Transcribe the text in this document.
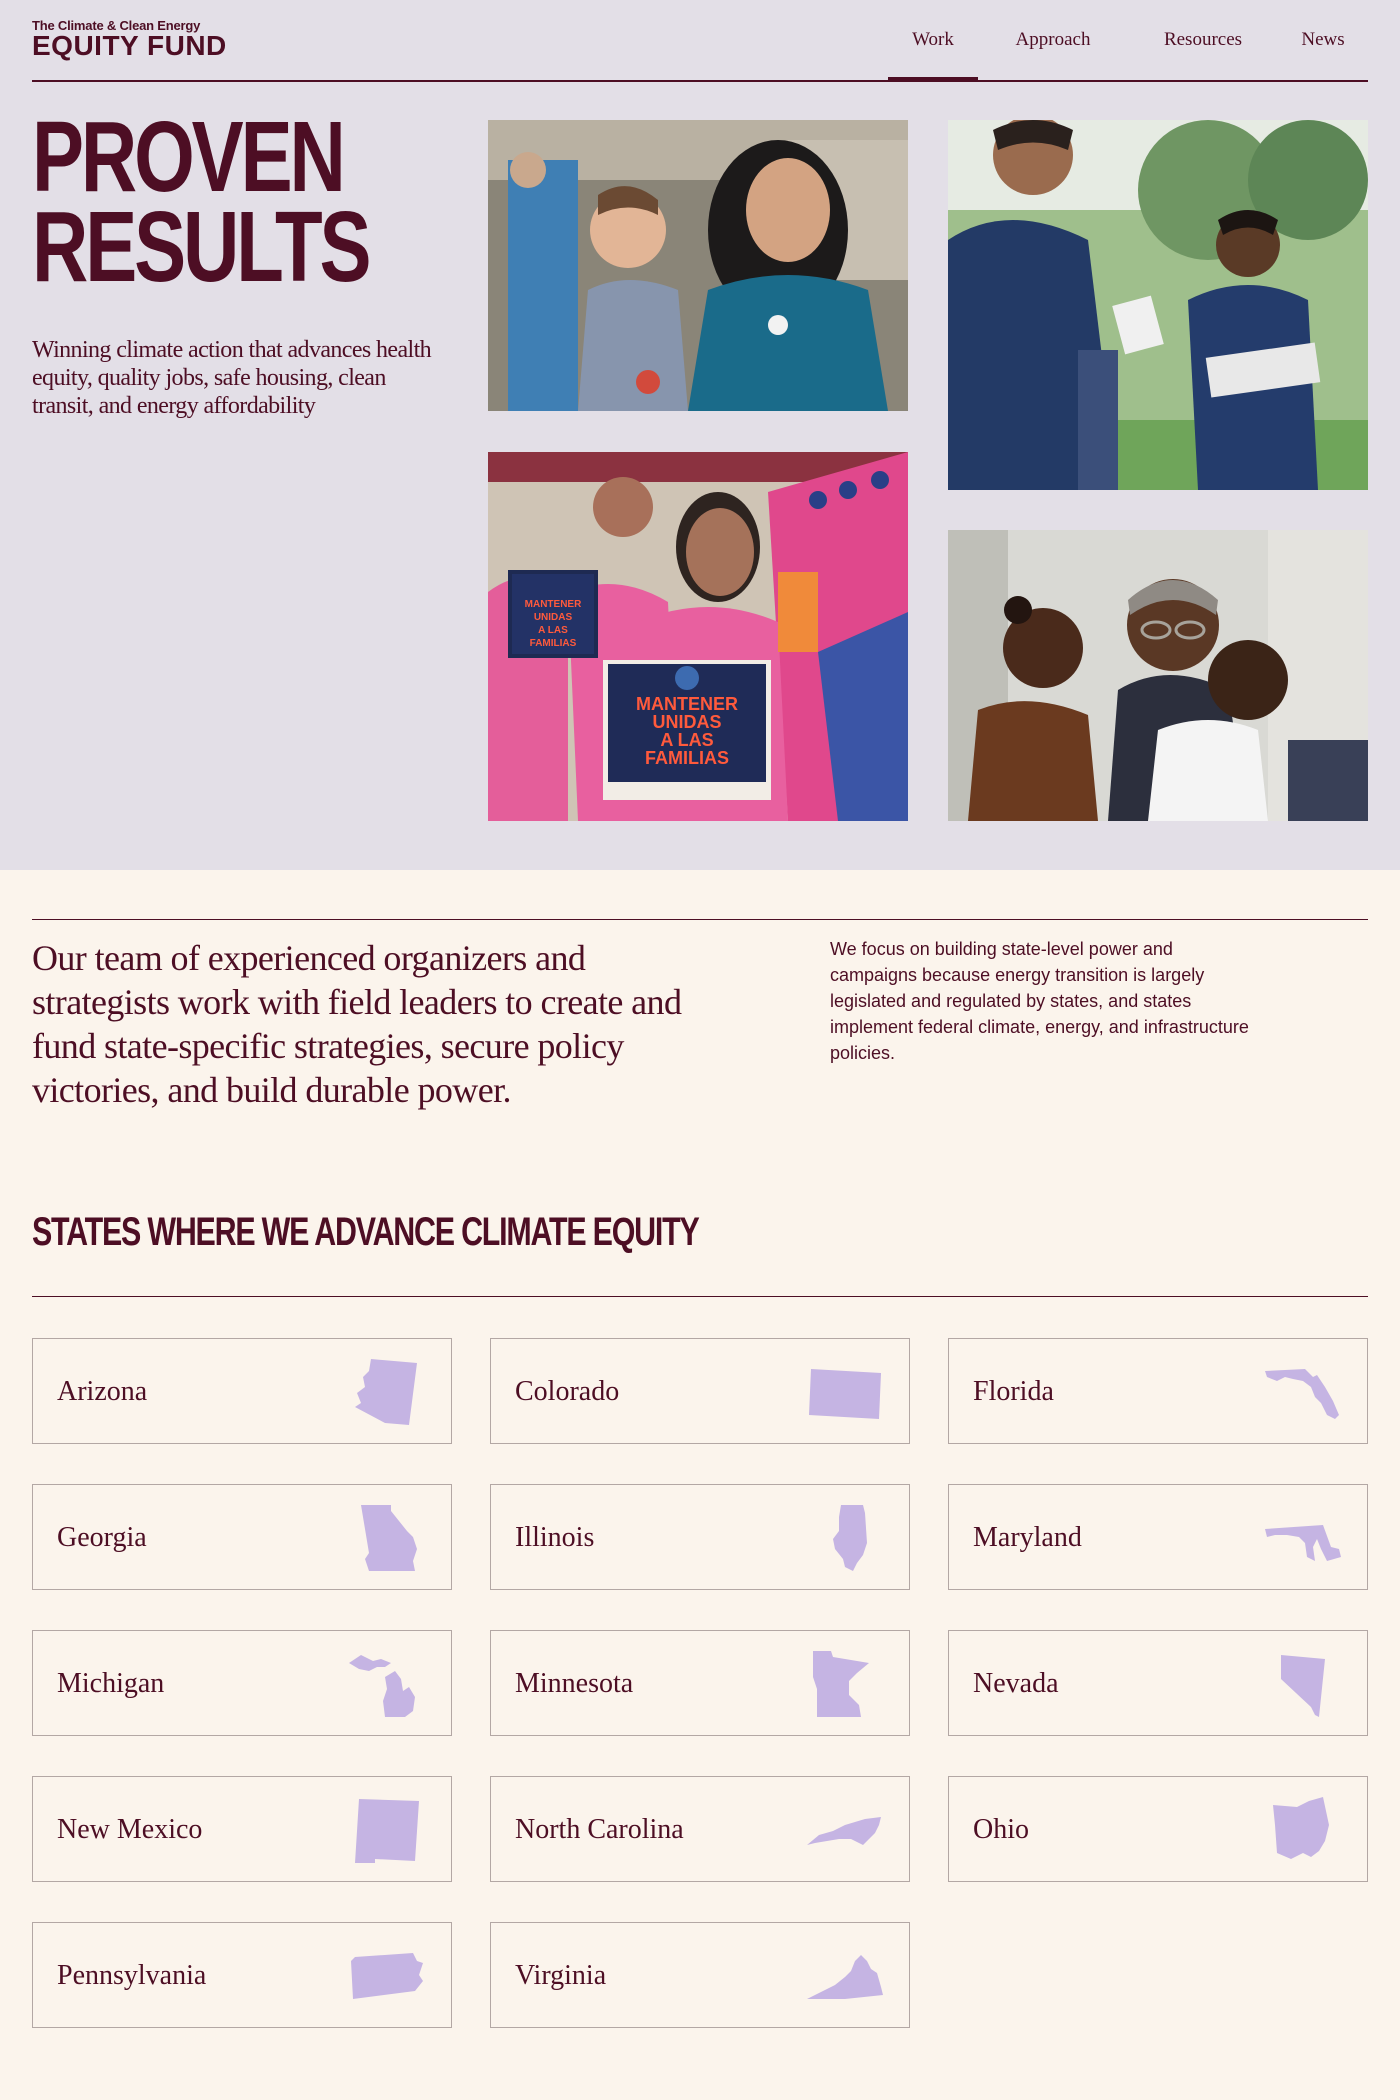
The Climate & Clean Energy
EQUITY FUND	Work	Approach	Resources	News
PROVEN
RESULTS

Winning climate action that advances health equity, quality jobs, safe housing, clean transit, and energy affordability

MANTENER
UNIDAS
A LAS
FAMILIAS
MANTENER
UNIDAS
A LAS
FAMILIAS

Our team of experienced organizers and strategists work with field leaders to create and fund state-specific strategies, secure policy victories, and build durable power.

We focus on building state-level power and campaigns because energy transition is largely legislated and regulated by states, and states implement federal climate, energy, and infrastructure policies.

STATES WHERE WE ADVANCE CLIMATE EQUITY
Arizona	Colorado	Florida
Georgia	Illinois	Maryland
Michigan	Minnesota	Nevada
New Mexico	North Carolina	Ohio
Pennsylvania	Virginia
